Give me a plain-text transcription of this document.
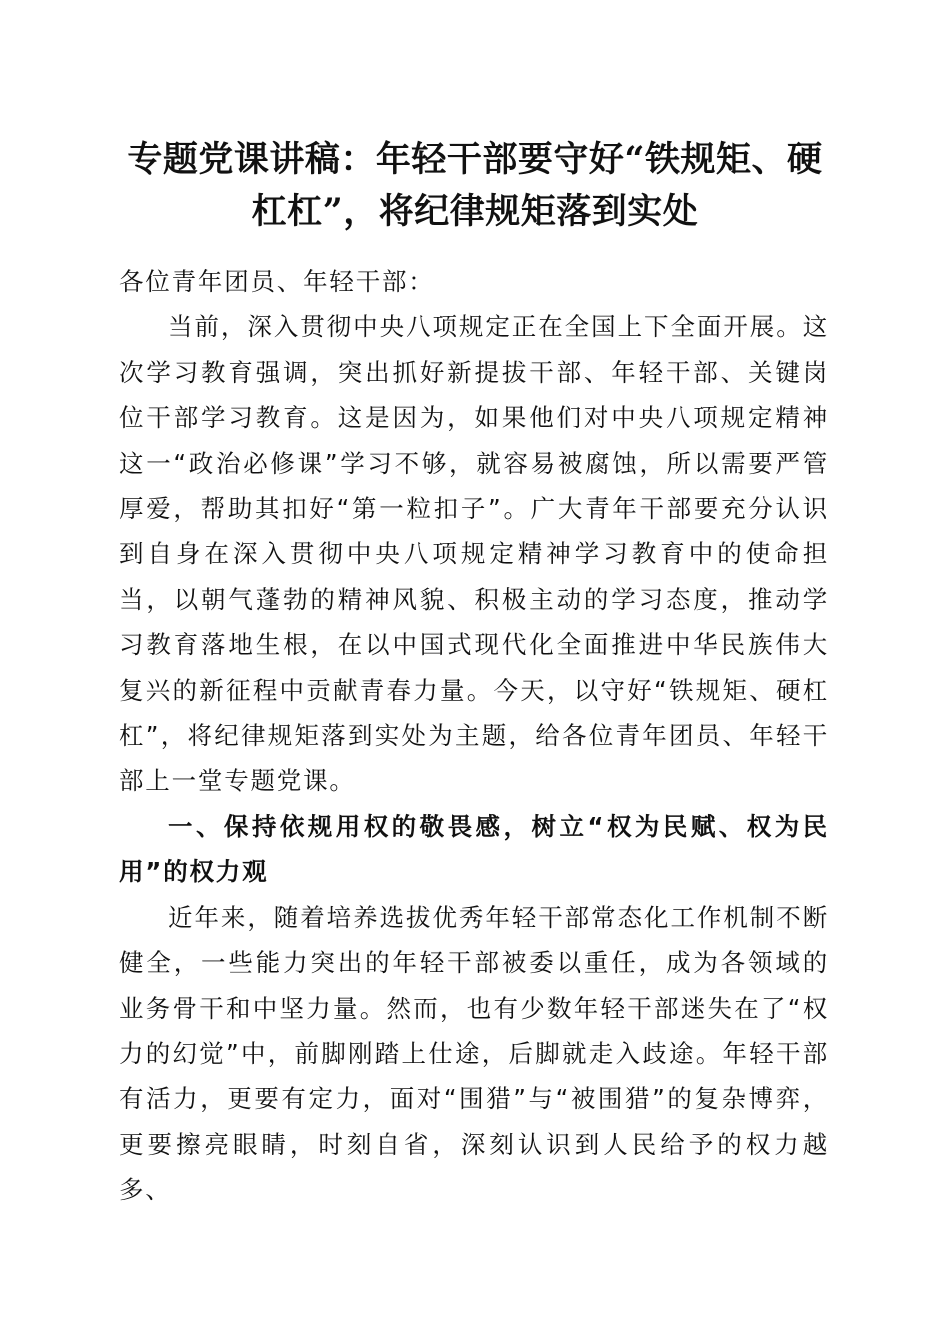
专题党课讲稿：年轻干部要守好“铁规矩、硬杠杠”，将纪律规矩落到实处

各位青年团员、年轻干部：

当前，深入贯彻中央八项规定正在全国上下全面开展。这次学习教育强调，突出抓好新提拔干部、年轻干部、关键岗位干部学习教育。这是因为，如果他们对中央八项规定精神这一“政治必修课”学习不够，就容易被腐蚀，所以需要严管厚爱，帮助其扣好“第一粒扣子”。广大青年干部要充分认识到自身在深入贯彻中央八项规定精神学习教育中的使命担当，以朝气蓬勃的精神风貌、积极主动的学习态度，推动学习教育落地生根，在以中国式现代化全面推进中华民族伟大复兴的新征程中贡献青春力量。今天，以守好“铁规矩、硬杠杠”，将纪律规矩落到实处为主题，给各位青年团员、年轻干部上一堂专题党课。

一、保持依规用权的敬畏感，树立“权为民赋、权为民用”的权力观

近年来，随着培养选拔优秀年轻干部常态化工作机制不断健全，一些能力突出的年轻干部被委以重任，成为各领域的业务骨干和中坚力量。然而，也有少数年轻干部迷失在了“权力的幻觉”中，前脚刚踏上仕途，后脚就走入歧途。年轻干部有活力，更要有定力，面对“围猎”与“被围猎”的复杂博弈，更要擦亮眼睛，时刻自省，深刻认识到人民给予的权力越多、
